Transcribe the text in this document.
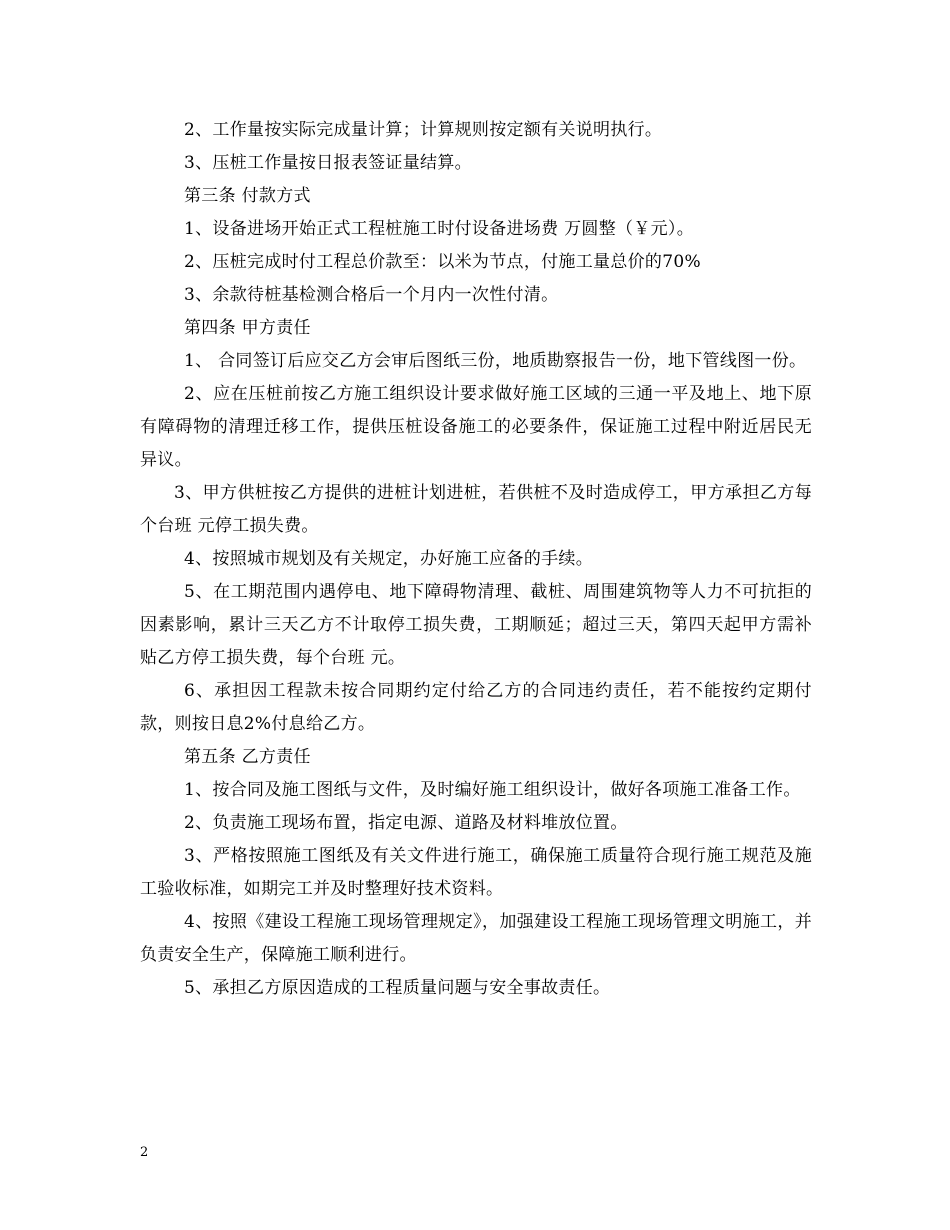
2、工作量按实际完成量计算；计算规则按定额有关说明执行。

3、压桩工作量按日报表签证量结算。

第三条 付款方式

1、设备进场开始正式工程桩施工时付设备进场费 万圆整（￥元）。

2、压桩完成时付工程总价款至：以米为节点，付施工量总价的70%

3、余款待桩基检测合格后一个月内一次性付清。

第四条 甲方责任

1、 合同签订后应交乙方会审后图纸三份，地质勘察报告一份，地下管线图一份。

2、应在压桩前按乙方施工组织设计要求做好施工区域的三通一平及地上、地下原有障碍物的清理迁移工作，提供压桩设备施工的必要条件，保证施工过程中附近居民无异议。

3、甲方供桩按乙方提供的进桩计划进桩，若供桩不及时造成停工，甲方承担乙方每个台班 元停工损失费。

4、按照城市规划及有关规定，办好施工应备的手续。

5、在工期范围内遇停电、地下障碍物清理、截桩、周围建筑物等人力不可抗拒的因素影响，累计三天乙方不计取停工损失费，工期顺延；超过三天，第四天起甲方需补贴乙方停工损失费，每个台班 元。

6、承担因工程款未按合同期约定付给乙方的合同违约责任，若不能按约定期付款，则按日息2%付息给乙方。

第五条 乙方责任

1、按合同及施工图纸与文件，及时编好施工组织设计，做好各项施工准备工作。

2、负责施工现场布置，指定电源、道路及材料堆放位置。

3、严格按照施工图纸及有关文件进行施工，确保施工质量符合现行施工规范及施工验收标准，如期完工并及时整理好技术资料。

4、按照《建设工程施工现场管理规定》，加强建设工程施工现场管理文明施工，并负责安全生产，保障施工顺利进行。

5、承担乙方原因造成的工程质量问题与安全事故责任。

2
